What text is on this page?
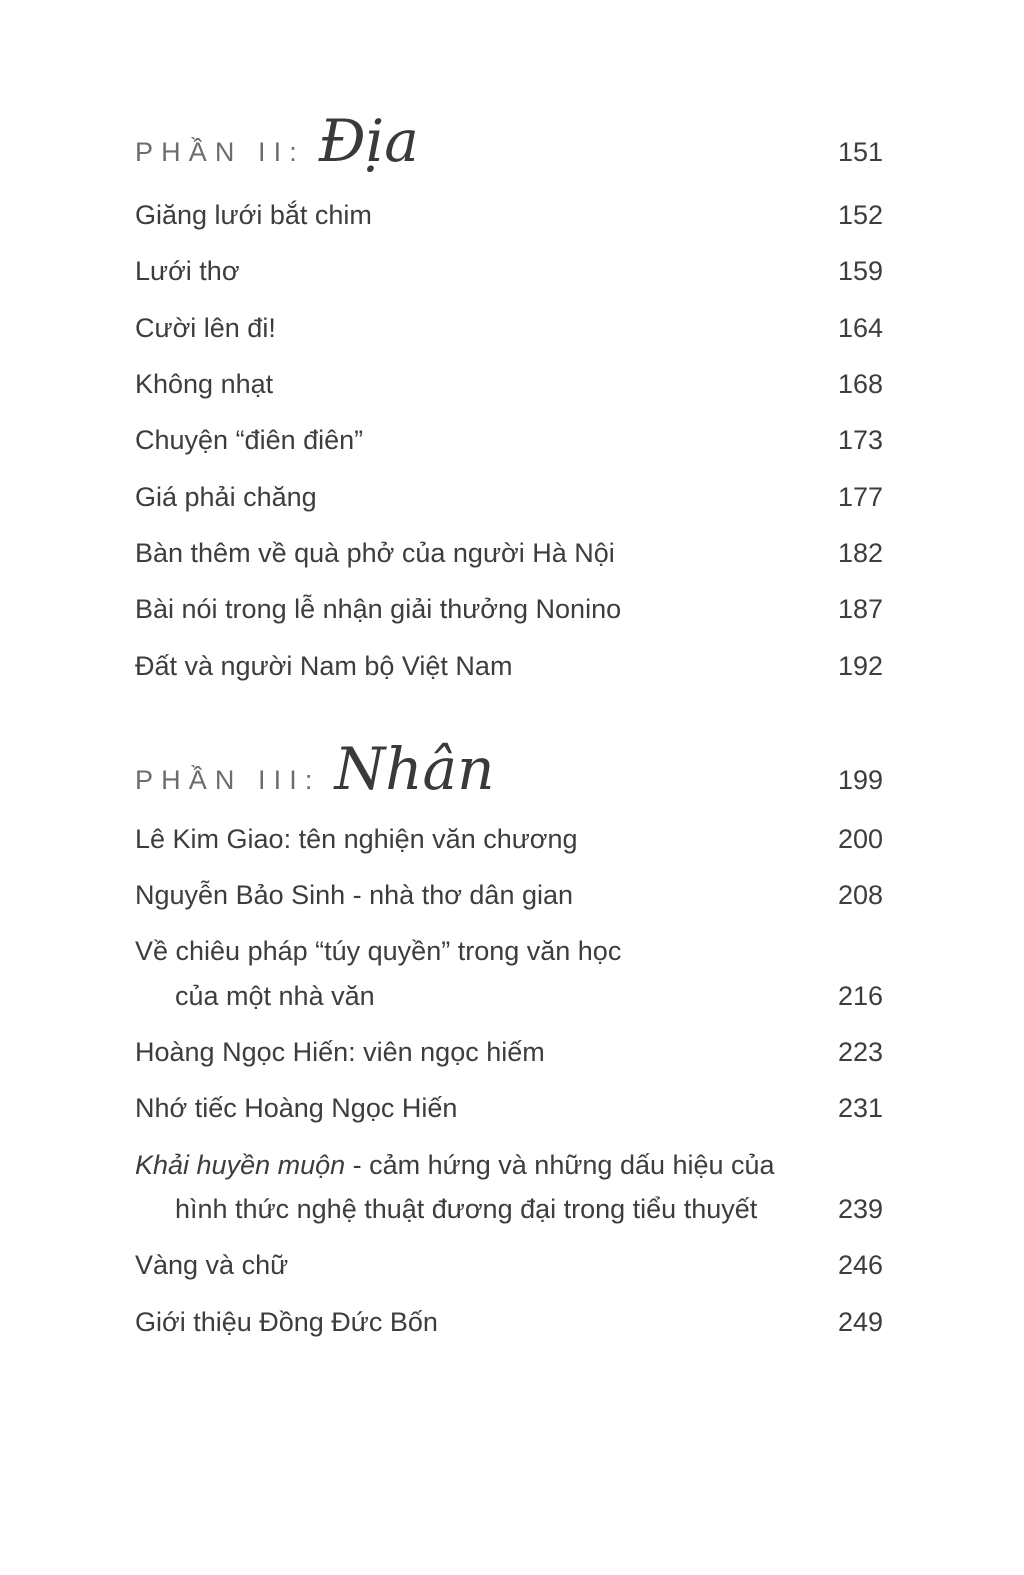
PHẦN II: Địa	151
Giăng lưới bắt chim	152
Lưới thơ	159
Cười lên đi!	164
Không nhạt	168
Chuyện “điên điên”	173
Giá phải chăng	177
Bàn thêm về quà phở của người Hà Nội	182
Bài nói trong lễ nhận giải thưởng Nonino	187
Đất và người Nam bộ Việt Nam	192
PHẦN III: Nhân	199
Lê Kim Giao: tên nghiện văn chương	200
Nguyễn Bảo Sinh - nhà thơ dân gian	208
Về chiêu pháp “túy quyền” trong văn học
của một nhà văn	216
Hoàng Ngọc Hiến: viên ngọc hiếm	223
Nhớ tiếc Hoàng Ngọc Hiến	231
Khải huyền muộn - cảm hứng và những dấu hiệu của
hình thức nghệ thuật đương đại trong tiểu thuyết	239
Vàng và chữ	246
Giới thiệu Đồng Đức Bốn	249
